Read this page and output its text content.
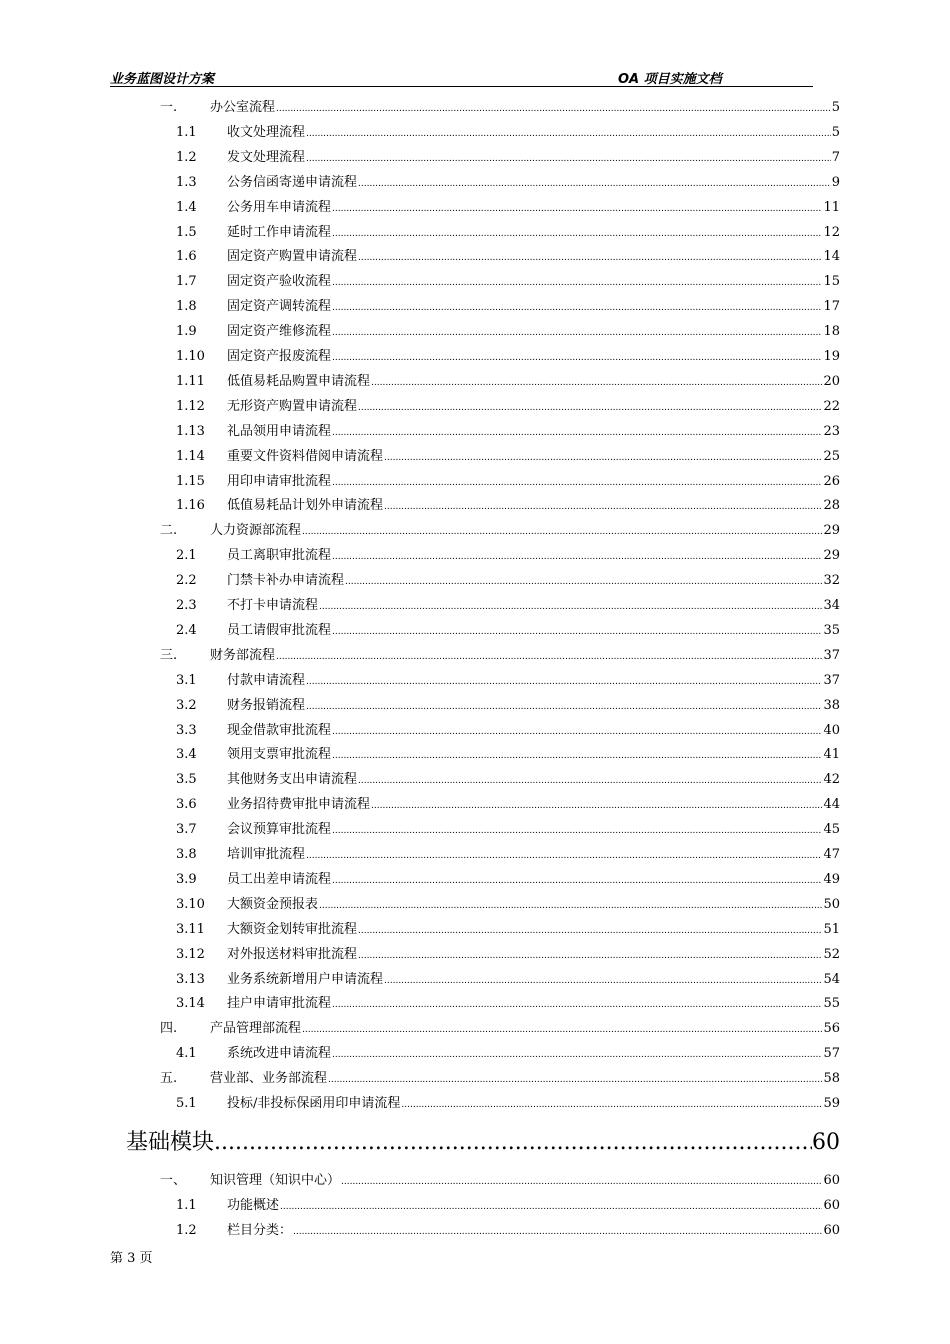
业务蓝图设计方案	OA 项目实施文档
一.	办公室流程 .....	5
1.1	收文处理流程 .....	5
1.2	发文处理流程 .....	7
1.3	公务信函寄递申请流程 .....	9
1.4	公务用车申请流程 .....	11
1.5	延时工作申请流程 .....	12
1.6	固定资产购置申请流程 .....	14
1.7	固定资产验收流程 .....	15
1.8	固定资产调转流程 .....	17
1.9	固定资产维修流程 .....	18
1.10	固定资产报废流程 .....	19
1.11	低值易耗品购置申请流程 .....	20
1.12	无形资产购置申请流程 .....	22
1.13	礼品领用申请流程 .....	23
1.14	重要文件资料借阅申请流程 .....	25
1.15	用印申请审批流程 .....	26
1.16	低值易耗品计划外申请流程 .....	28
二.	人力资源部流程 .....	29
2.1	员工离职审批流程 .....	29
2.2	门禁卡补办申请流程 .....	32
2.3	不打卡申请流程 .....	34
2.4	员工请假审批流程 .....	35
三.	财务部流程 .....	37
3.1	付款申请流程 .....	37
3.2	财务报销流程 .....	38
3.3	现金借款审批流程 .....	40
3.4	领用支票审批流程 .....	41
3.5	其他财务支出申请流程 .....	42
3.6	业务招待费审批申请流程 .....	44
3.7	会议预算审批流程 .....	45
3.8	培训审批流程 .....	47
3.9	员工出差申请流程 .....	49
3.10	大额资金预报表 .....	50
3.11	大额资金划转审批流程 .....	51
3.12	对外报送材料审批流程 .....	52
3.13	业务系统新增用户申请流程 .....	54
3.14	挂户申请审批流程 .....	55
四.	产品管理部流程 .....	56
4.1	系统改进申请流程 .....	57
五.	营业部、业务部流程 .....	58
5.1	投标/非投标保函用印申请流程 .....	59
基础模块 .....	60
一、	知识管理（知识中心） .....	60
1.1	功能概述 .....	60
1.2	栏目分类： .....	60
第 3 页
